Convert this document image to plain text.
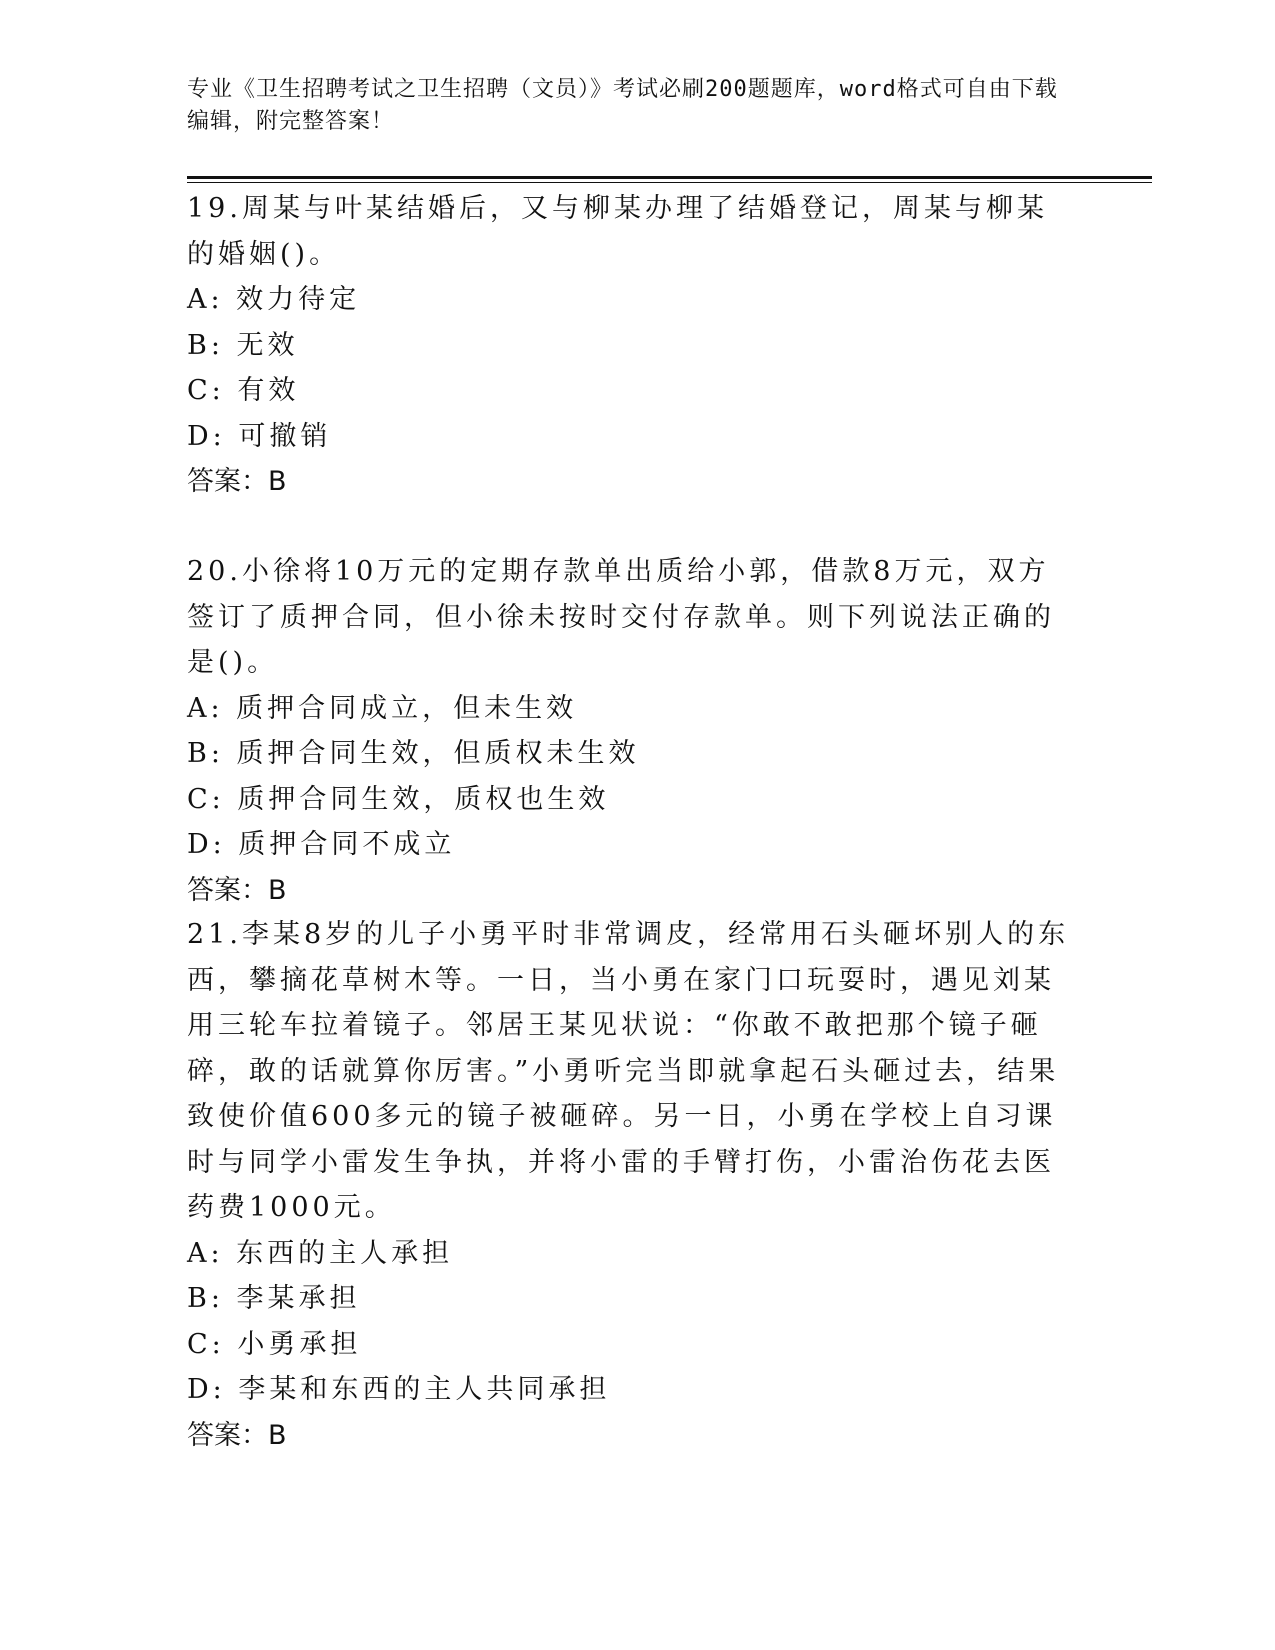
专业《卫生招聘考试之卫生招聘（文员）》考试必刷200题题库，word格式可自由下载编辑，附完整答案！

19.周某与叶某结婚后，又与柳某办理了结婚登记，周某与柳某的婚姻()。

A: 效力待定

B: 无效

C: 有效

D: 可撤销

答案：B

20.小徐将10万元的定期存款单出质给小郭，借款8万元，双方签订了质押合同，但小徐未按时交付存款单。则下列说法正确的是()。

A: 质押合同成立，但未生效

B: 质押合同生效，但质权未生效

C: 质押合同生效，质权也生效

D: 质押合同不成立

答案：B

21.李某8岁的儿子小勇平时非常调皮，经常用石头砸坏别人的东西，攀摘花草树木等。一日，当小勇在家门口玩耍时，遇见刘某用三轮车拉着镜子。邻居王某见状说：“你敢不敢把那个镜子砸碎，敢的话就算你厉害。”小勇听完当即就拿起石头砸过去，结果致使价值600多元的镜子被砸碎。另一日，小勇在学校上自习课时与同学小雷发生争执，并将小雷的手臂打伤，小雷治伤花去医药费1000元。

A: 东西的主人承担

B: 李某承担

C: 小勇承担

D: 李某和东西的主人共同承担

答案：B
